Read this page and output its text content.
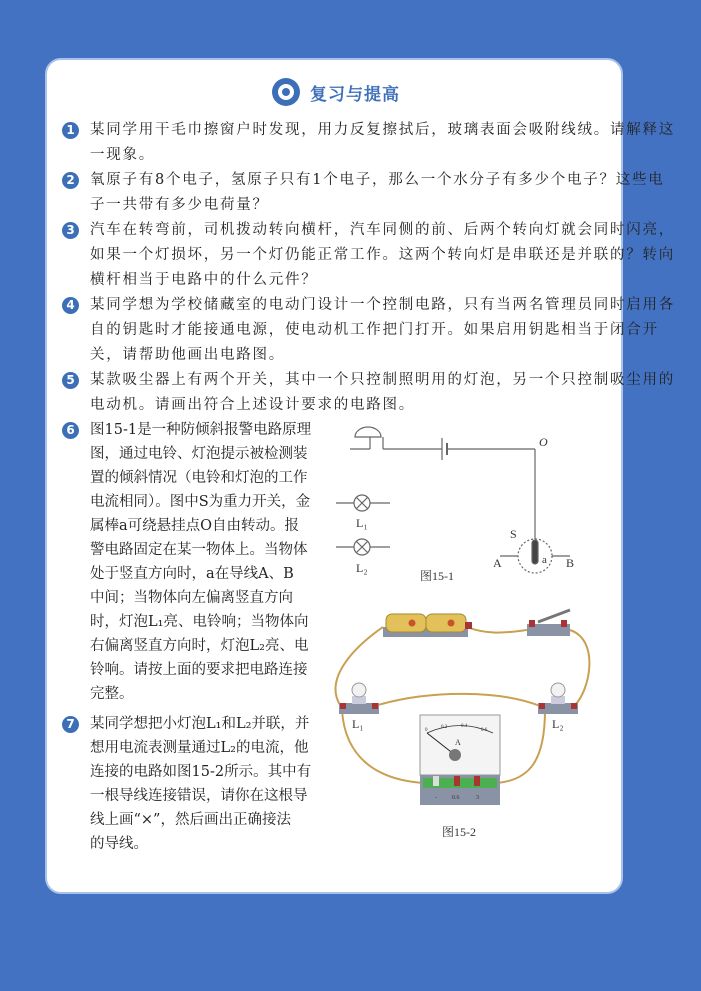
复习与提高
1 某同学用干毛巾擦窗户时发现，用力反复擦拭后，玻璃表面会吸附线绒。请解释这
一现象。
2 氧原子有8个电子，氢原子只有1个电子，那么一个水分子有多少个电子？这些电
子一共带有多少电荷量？
3 汽车在转弯前，司机拨动转向横杆，汽车同侧的前、后两个转向灯就会同时闪亮，
如果一个灯损坏，另一个灯仍能正常工作。这两个转向灯是串联还是并联的？转向
横杆相当于电路中的什么元件？
4 某同学想为学校储藏室的电动门设计一个控制电路，只有当两名管理员同时启用各
自的钥匙时才能接通电源，使电动机工作把门打开。如果启用钥匙相当于闭合开
关，请帮助他画出电路图。
5 某款吸尘器上有两个开关，其中一个只控制照明用的灯泡，另一个只控制吸尘用的
电动机。请画出符合上述设计要求的电路图。
6 图15-1是一种防倾斜报警电路原理
图，通过电铃、灯泡提示被检测装
置的倾斜情况（电铃和灯泡的工作
电流相同）。图中S为重力开关，金
属棒a可绕悬挂点O自由转动。报
警电路固定在某一物体上。当物体
处于竖直方向时，a在导线A、B
中间；当物体向左偏离竖直方向
时，灯泡L₁亮、电铃响；当物体向
右偏离竖直方向时，灯泡L₂亮、电
铃响。请按上面的要求把电路连接
完整。
7 某同学想把小灯泡L₁和L₂并联，并
想用电流表测量通过L₂的电流，他
连接的电路如图15-2所示。其中有
一根导线连接错误，请你在这根导
线上画“×”，然后画出正确接法
的导线。
O
S
A	B
a
L₁
L₂
图15-1
0
0.2	0.4
0.6
A
-	0.6	3
L₁	L₂
图15-2
